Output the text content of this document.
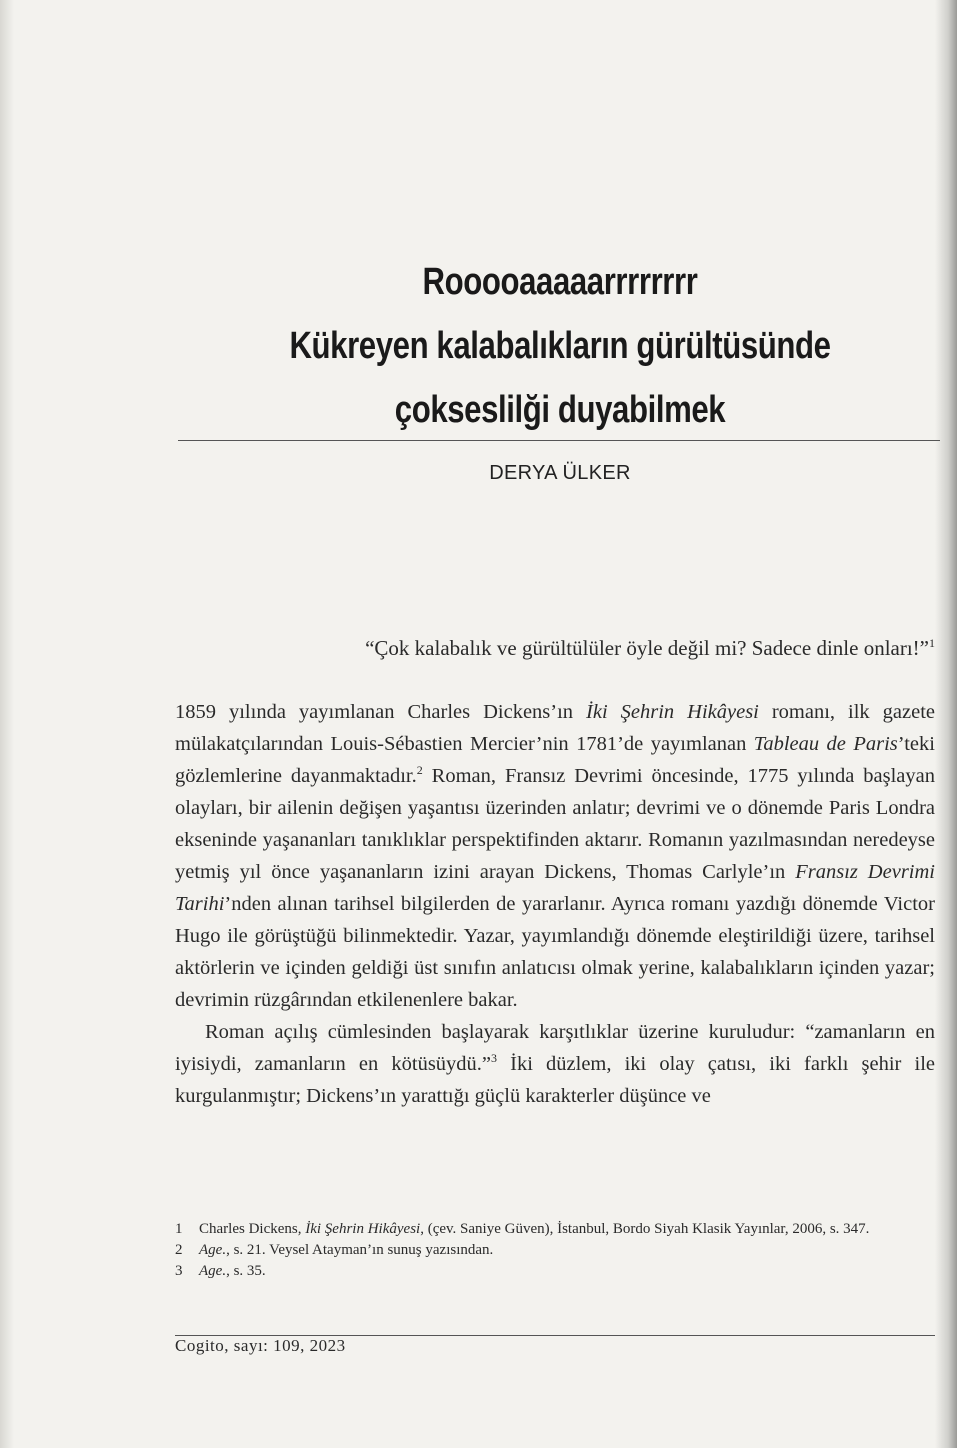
Rooooaaaaarrrrrrrr
Kükreyen kalabalıkların gürültüsünde
çokseslilği duyabilmek
DERYA ÜLKER
“Çok kalabalık ve gürültülüler öyle değil mi? Sadece dinle onları!”$^1$

1859 yılında yayımlanan Charles Dickens’ın İki Şehrin Hikâyesi romanı, ilk gazete mülakatçılarından Louis-Sébastien Mercier’nin 1781’de yayımlanan Tableau de Paris’teki gözlemlerine dayanmaktadır.$^2$ Roman, Fransız Devrimi öncesinde, 1775 yılında başlayan olayları, bir ailenin değişen yaşantısı üzerinden anlatır; devrimi ve o dönemde Paris Londra ekseninde yaşananları tanıklıklar perspektifinden aktarır. Romanın yazılmasından neredeyse yetmiş yıl önce yaşananların izini arayan Dickens, Thomas Carlyle’ın Fransız Devrimi Tarihi’nden alınan tarihsel bilgilerden de yararlanır. Ayrıca romanı yazdığı dönemde Victor Hugo ile görüştüğü bilinmektedir. Yazar, yayımlandığı dönemde eleştirildiği üzere, tarihsel aktörlerin ve içinden geldiği üst sınıfın anlatıcısı olmak yerine, kalabalıkların içinden yazar; devrimin rüzgârından etkilenenlere bakar.

Roman açılış cümlesinden başlayarak karşıtlıklar üzerine kuruludur: “zamanların en iyisiydi, zamanların en kötüsüydü.”$^3$ İki düzlem, iki olay çatısı, iki farklı şehir ile kurgulanmıştır; Dickens’ın yarattığı güçlü karakterler düşünce ve

1	Charles Dickens, İki Şehrin Hikâyesi, (çev. Saniye Güven), İstanbul, Bordo Siyah Klasik Yayınlar, 2006, s. 347.
2	Age., s. 21. Veysel Atayman’ın sunuş yazısından.
3	Age., s. 35.
Cogito, sayı: 109, 2023
